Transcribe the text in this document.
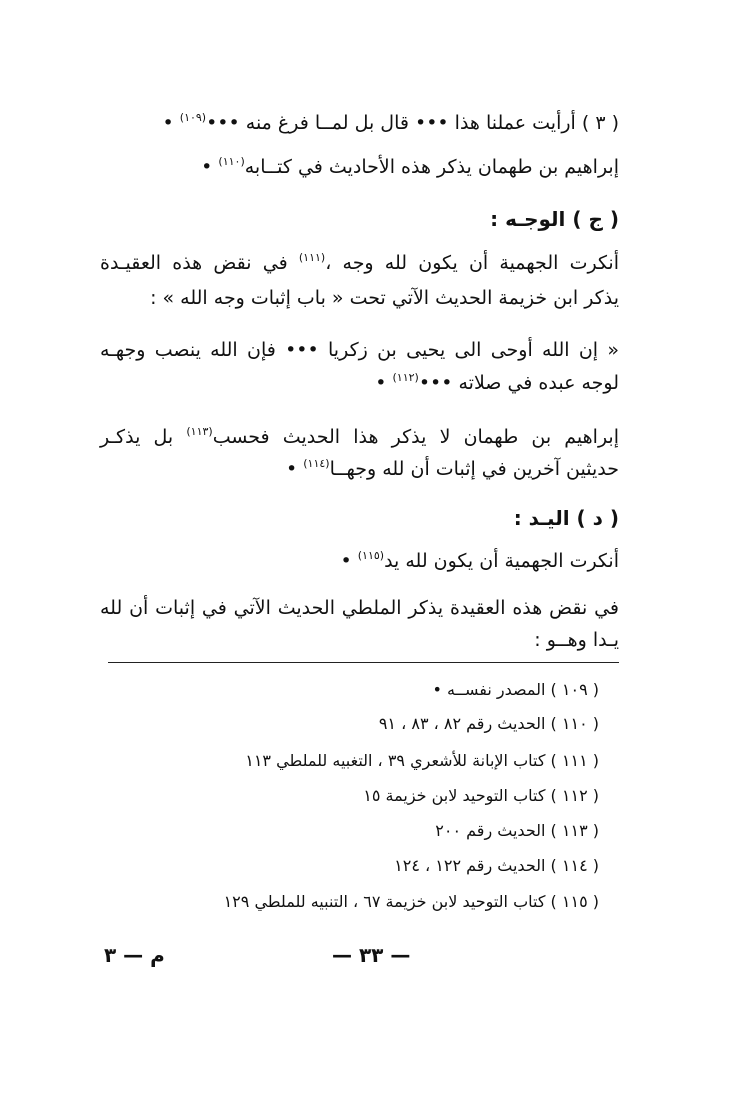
( ٣ ) أرأيت عملنا هذا ••• قال بل لمــا فرغ منه •••$^{(١٠٩)}$ •
إبراهيم بن طهمان يذكر هذه الأحاديث في كتــابه$^{(١١٠)}$ •
( ج ) الوجـه :
أنكرت الجهمية أن يكون لله وجه ،$^{(١١١)}$ في نقض هذه العقيـدة
يذكر ابن خزيمة الحديث الآتي تحت « باب إثبات وجه الله » :
« إن الله أوحى الى يحيى بن زكريا ••• فإن الله ينصب وجهـه
لوجه عبده في صلاته •••$^{(١١٢)}$ •
إبراهيم بن طهمان لا يذكر هذا الحديث فحسب$^{(١١٣)}$ بل يذكـر
حديثين آخرين في إثبات أن لله وجهــا$^{(١١٤)}$ •
( د ) اليـد :
أنكرت الجهمية أن يكون لله يد$^{(١١٥)}$ •
في نقض هذه العقيدة يذكر الملطي الحديث الآتي في إثبات أن لله
يـدا وهــو :
( ١٠٩ ) المصدر نفســه •
( ١١٠ ) الحديث رقم ٨٢ ، ٨٣ ، ٩١
( ١١١ ) كتاب الإبانة للأشعري ٣٩ ، التغبيه للملطي ١١٣
( ١١٢ ) كتاب التوحيد لابن خزيمة ١٥
( ١١٣ ) الحديث رقم ٢٠٠
( ١١٤ ) الحديث رقم ١٢٢ ، ١٢٤
( ١١٥ ) كتاب التوحيد لابن خزيمة ٦٧ ، التنبيه للملطي ١٢٩
— ٣٣ —
م — ٣
